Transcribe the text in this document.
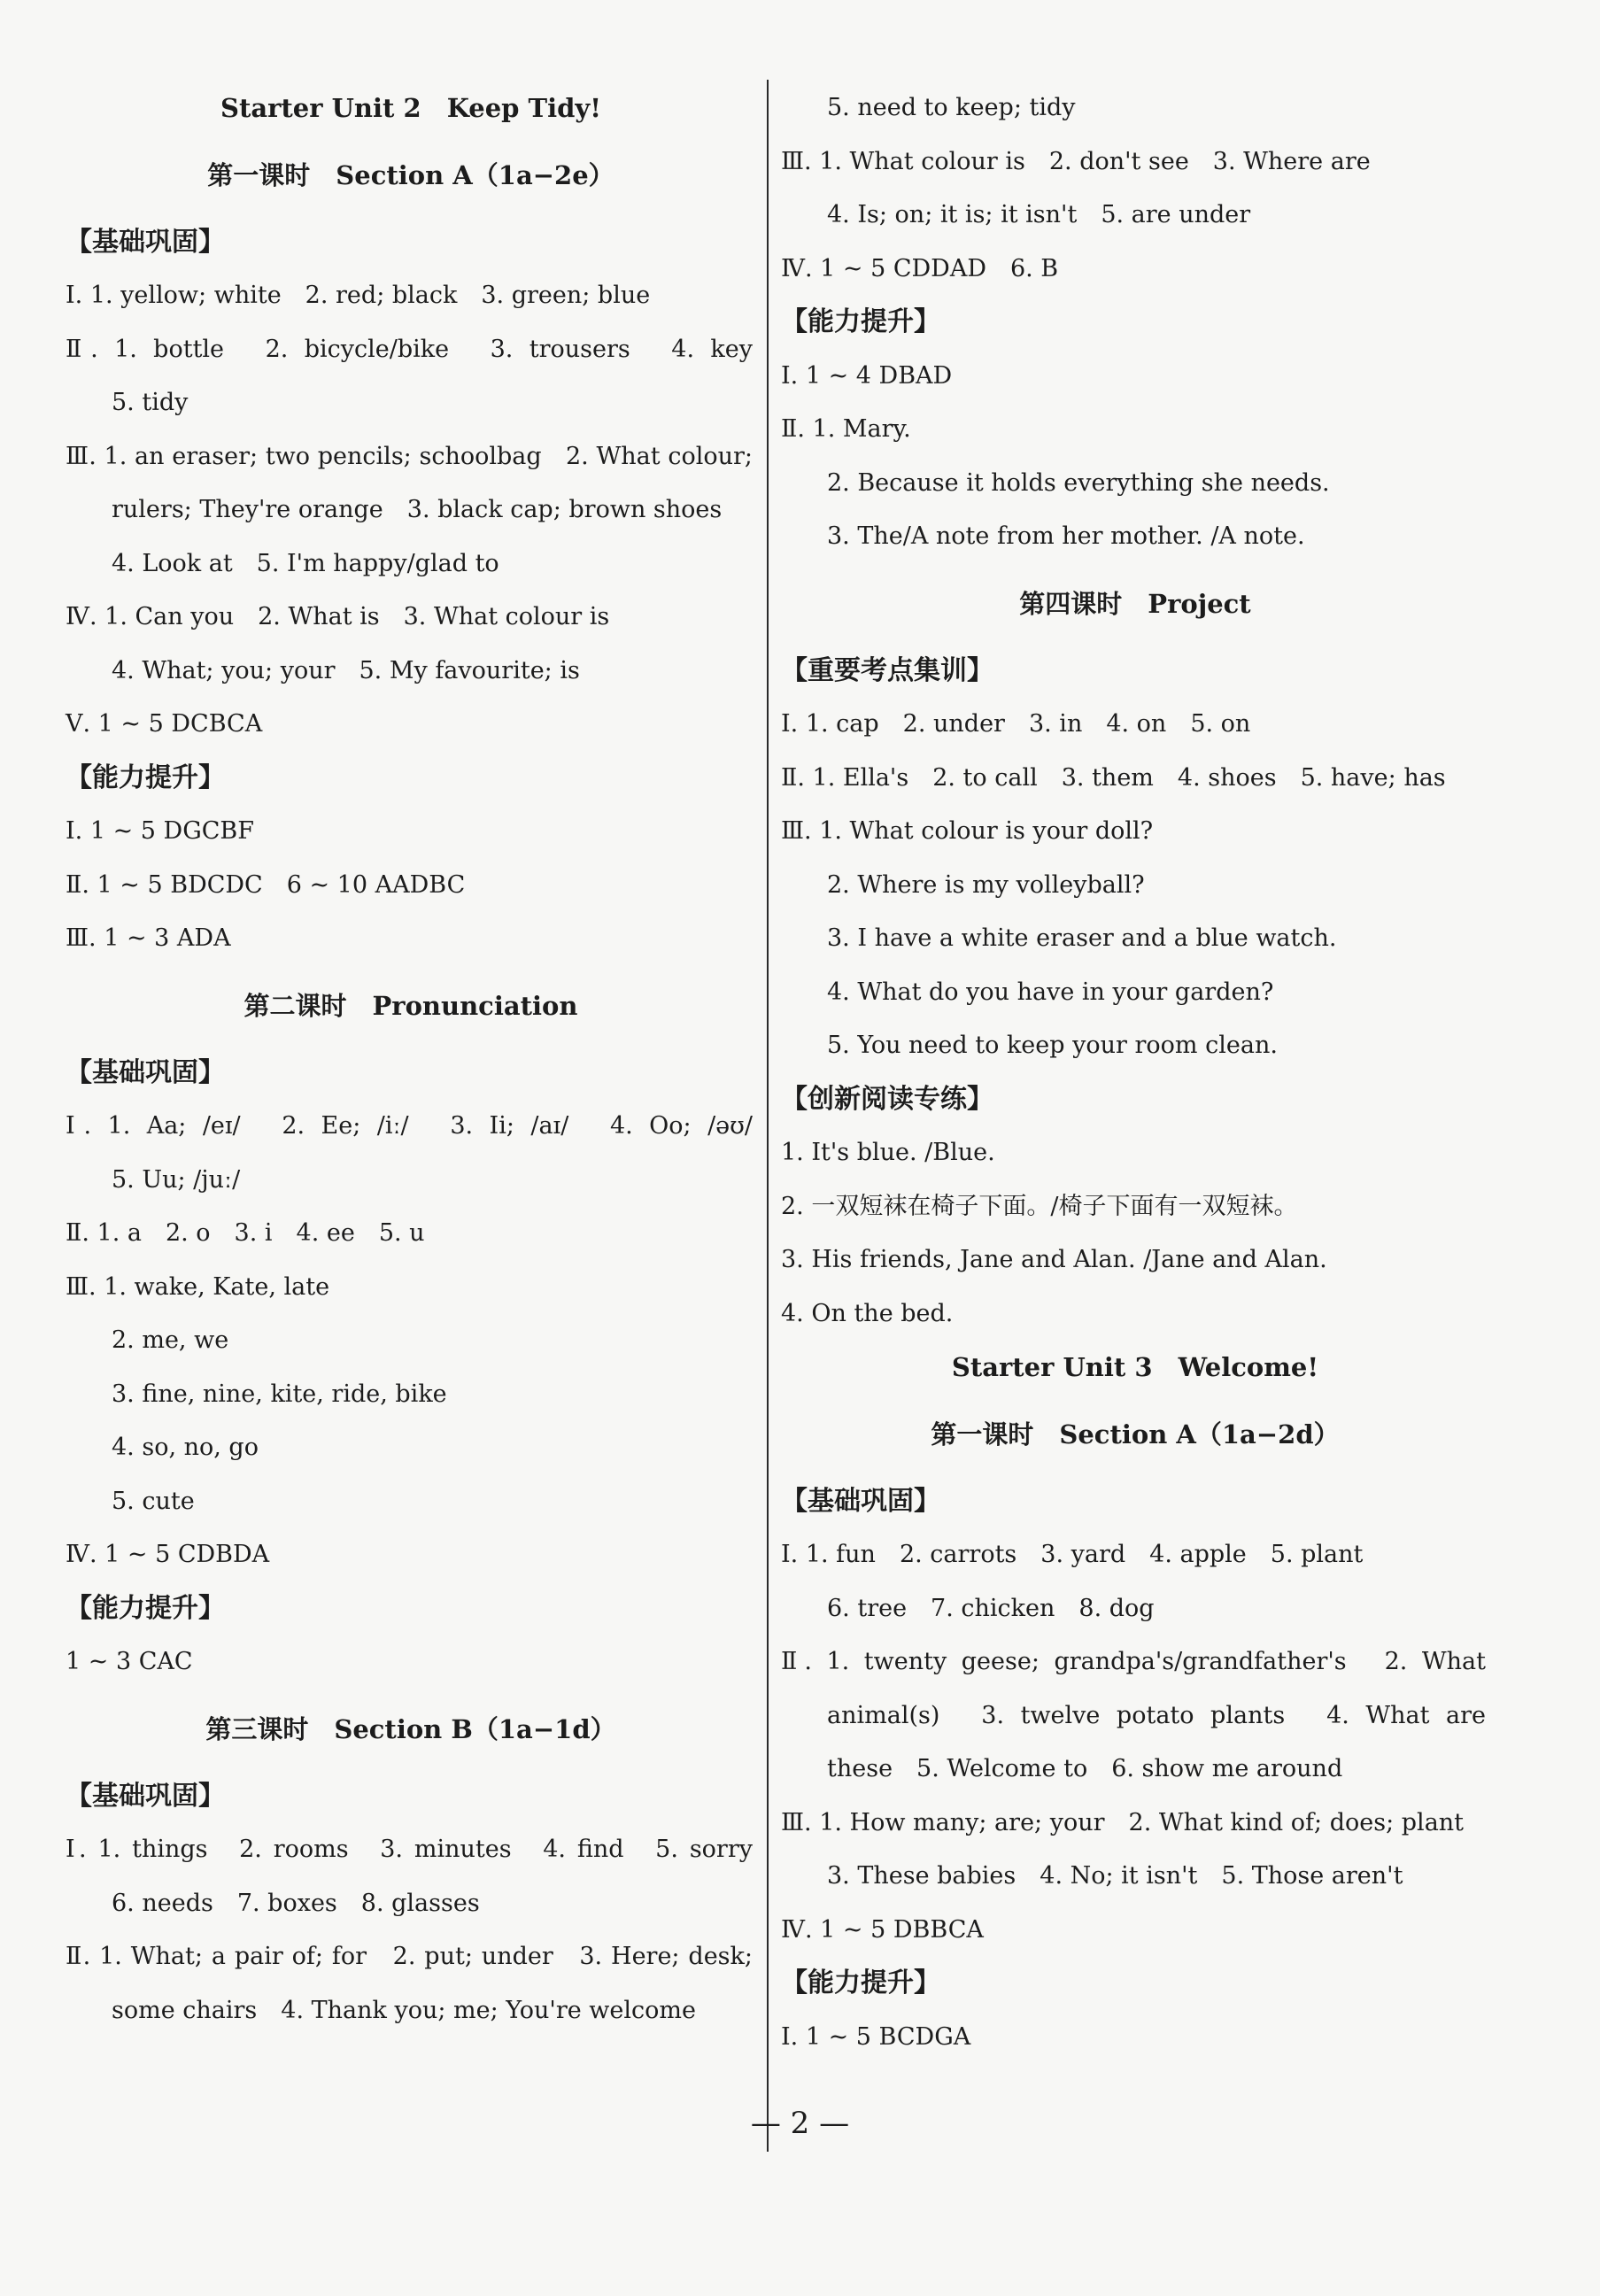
Starter Unit 2　Keep Tidy!
第一课时　Section A（1a−2e）
【基础巩固】
Ⅰ. 1. yellow; white　2. red; black　3. green; blue
Ⅱ. 1. bottle　2. bicycle/bike　3. trousers　4. key
5. tidy
Ⅲ. 1. an eraser; two pencils; schoolbag　2. What colour;
rulers; They're orange　3. black cap; brown shoes
4. Look at　5. I'm happy/glad to
Ⅳ. 1. Can you　2. What is　3. What colour is
4. What; you; your　5. My favourite; is
Ⅴ. 1 ~ 5 DCBCA
【能力提升】
Ⅰ. 1 ~ 5 DGCBF
Ⅱ. 1 ~ 5 BDCDC　6 ~ 10 AADBC
Ⅲ. 1 ~ 3 ADA
第二课时　Pronunciation
【基础巩固】
Ⅰ. 1. Aa; /eɪ/　2. Ee; /iː/　3. Ii; /aɪ/　4. Oo; /əʊ/
5. Uu; /juː/
Ⅱ. 1. a　2. o　3. i　4. ee　5. u
Ⅲ. 1. wake, Kate, late
2. me, we
3. fine, nine, kite, ride, bike
4. so, no, go
5. cute
Ⅳ. 1 ~ 5 CDBDA
【能力提升】
1 ~ 3 CAC
第三课时　Section B（1a−1d）
【基础巩固】
Ⅰ. 1. things　2. rooms　3. minutes　4. find　5. sorry
6. needs　7. boxes　8. glasses
Ⅱ. 1. What; a pair of; for　2. put; under　3. Here; desk;
some chairs　4. Thank you; me; You're welcome
5. need to keep; tidy
Ⅲ. 1. What colour is　2. don't see　3. Where are
4. Is; on; it is; it isn't　5. are under
Ⅳ. 1 ~ 5 CDDAD　6. B
【能力提升】
Ⅰ. 1 ~ 4 DBAD
Ⅱ. 1. Mary.
2. Because it holds everything she needs.
3. The/A note from her mother. /A note.
第四课时　Project
【重要考点集训】
Ⅰ. 1. cap　2. under　3. in　4. on　5. on
Ⅱ. 1. Ella's　2. to call　3. them　4. shoes　5. have; has
Ⅲ. 1. What colour is your doll?
2. Where is my volleyball?
3. I have a white eraser and a blue watch.
4. What do you have in your garden?
5. You need to keep your room clean.
【创新阅读专练】
1. It's blue. /Blue.
2. 一双短袜在椅子下面。/椅子下面有一双短袜。
3. His friends, Jane and Alan. /Jane and Alan.
4. On the bed.
Starter Unit 3　Welcome!
第一课时　Section A（1a−2d）
【基础巩固】
Ⅰ. 1. fun　2. carrots　3. yard　4. apple　5. plant
6. tree　7. chicken　8. dog
Ⅱ. 1. twenty geese; grandpa's/grandfather's　2. What
animal(s)　3. twelve potato plants　4. What are
these　5. Welcome to　6. show me around
Ⅲ. 1. How many; are; your　2. What kind of; does; plant
3. These babies　4. No; it isn't　5. Those aren't
Ⅳ. 1 ~ 5 DBBCA
【能力提升】
Ⅰ. 1 ~ 5 BCDGA
— 2 —
